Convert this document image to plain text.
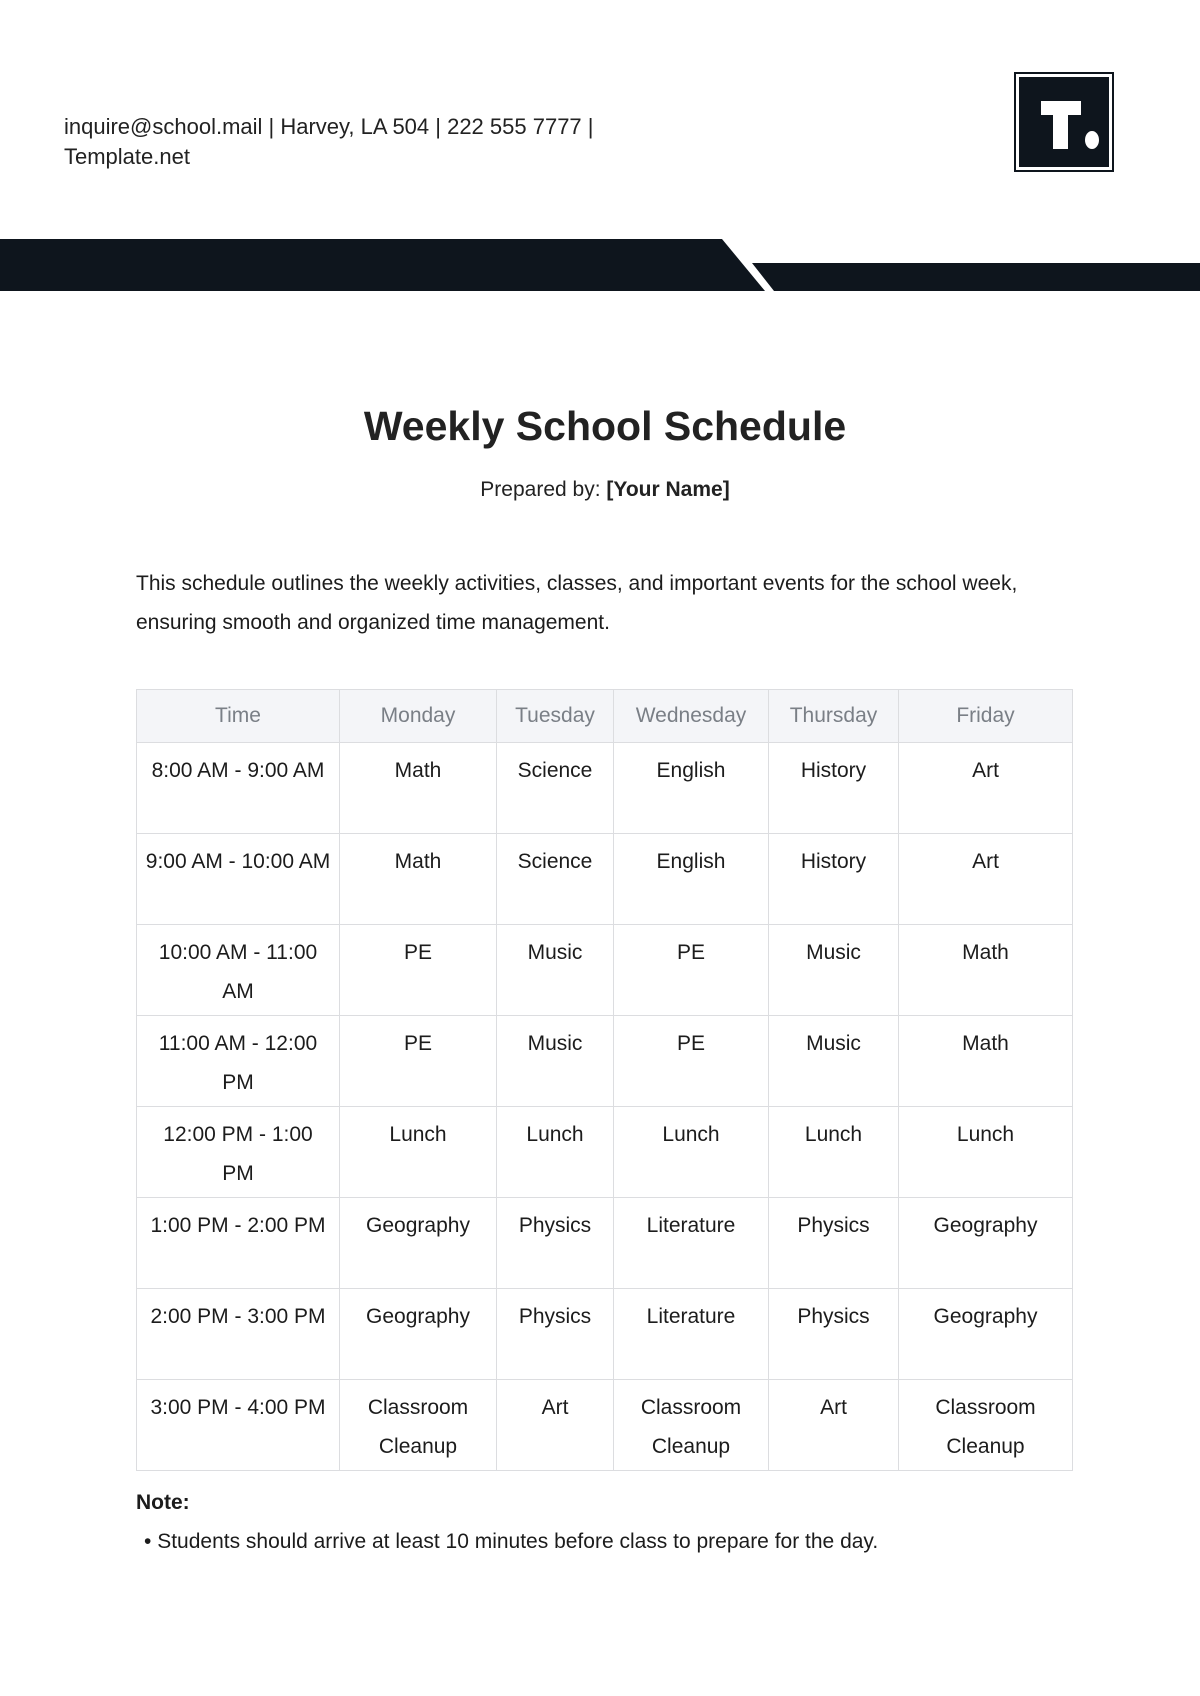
inquire@school.mail | Harvey, LA 504 | 222 555 7777 |
Template.net
Weekly School Schedule
Prepared by: [Your Name]
This schedule outlines the weekly activities, classes, and important events for the school week, ensuring smooth and organized time management.
Time	Monday	Tuesday	Wednesday	Thursday	Friday
8:00 AM - 9:00 AM	Math	Science	English	History	Art
9:00 AM - 10:00 AM	Math	Science	English	History	Art
10:00 AM - 11:00 AM	PE	Music	PE	Music	Math
11:00 AM - 12:00 PM	PE	Music	PE	Music	Math
12:00 PM - 1:00 PM	Lunch	Lunch	Lunch	Lunch	Lunch
1:00 PM - 2:00 PM	Geography	Physics	Literature	Physics	Geography
2:00 PM - 3:00 PM	Geography	Physics	Literature	Physics	Geography
3:00 PM - 4:00 PM	Classroom Cleanup	Art	Classroom Cleanup	Art	Classroom Cleanup
Note:
• Students should arrive at least 10 minutes before class to prepare for the day.
